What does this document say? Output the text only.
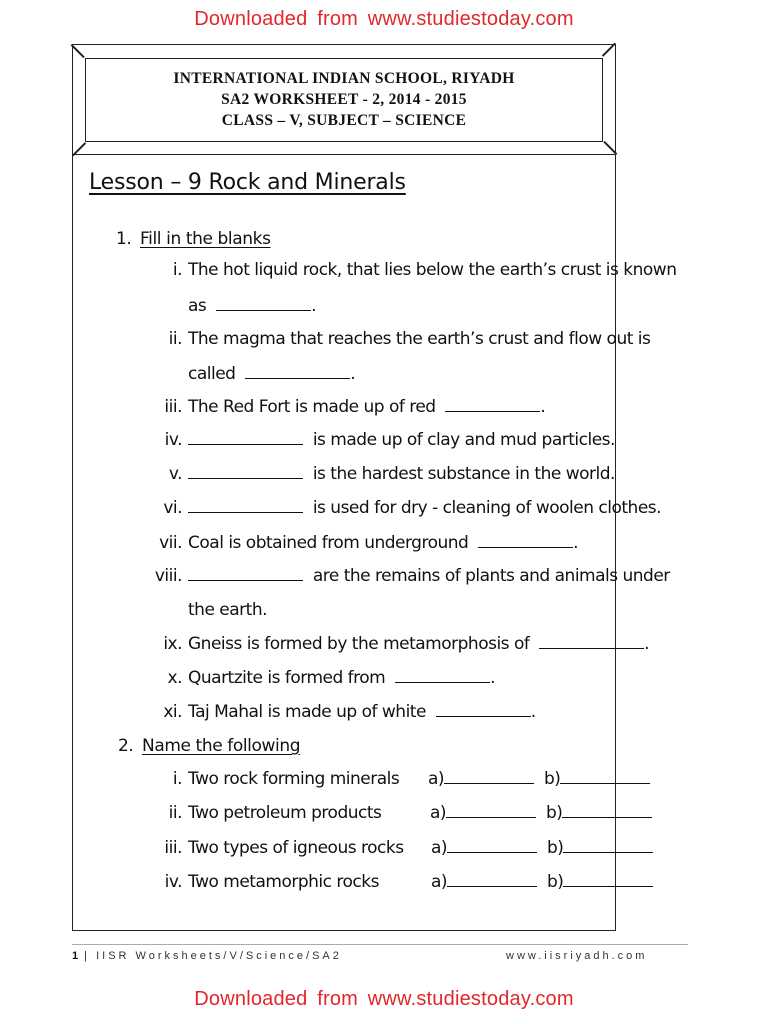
Downloaded from www.studiestoday.com
INTERNATIONAL INDIAN SCHOOL, RIYADH
SA2 WORKSHEET - 2, 2014 - 2015
CLASS – V, SUBJECT – SCIENCE
Lesson – 9 Rock and Minerals
1. Fill in the blanks
i. The hot liquid rock, that lies below the earth’s crust is known
as	.
ii. The magma that reaches the earth’s crust and flow out is
called	.
iii. The Red Fort is made up of red	.
iv.	is made up of clay and mud particles.
v.	is the hardest substance in the world.
vi.	is used for dry - cleaning of woolen clothes.
vii. Coal is obtained from underground	.
viii.	are the remains of plants and animals under
the earth.
ix. Gneiss is formed by the metamorphosis of	.
x. Quartzite is formed from	.
xi. Taj Mahal is made up of white	.
2. Name the following
i. Two rock forming minerals a)	b)
ii. Two petroleum products	a)	b)
iii. Two types of igneous rocks a)	b)
iv. Two metamorphic rocks	a)	b)
1 | IISR Worksheets/V/Science/SA2	www.iisriyadh.com
Downloaded from www.studiestoday.com
